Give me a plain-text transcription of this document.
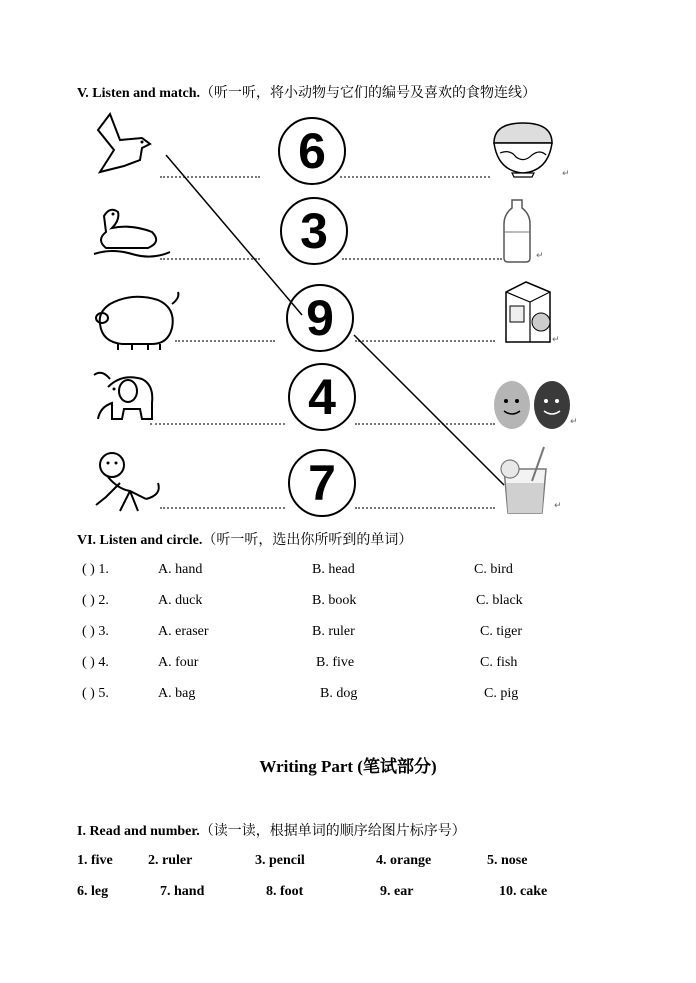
V. Listen and match.（听一听，将小动物与它们的编号及喜欢的食物连线）
6
3
9
4
7
↵
↵
↵
↵
↵
VI. Listen and circle.（听一听，选出你所听到的单词）
( ) 1.	A. hand	B. head	C. bird
( ) 2.	A. duck	B. book	C. black
( ) 3.	A. eraser	B. ruler	C. tiger
( ) 4.	A. four	B. five	C. fish
( ) 5.	A. bag	B. dog	C. pig
Writing Part (笔试部分)
I. Read and number.（读一读，根据单词的顺序给图片标序号）
1. five	2. ruler	3. pencil	4. orange	5. nose
6. leg	7. hand	8. foot	9. ear	10. cake
